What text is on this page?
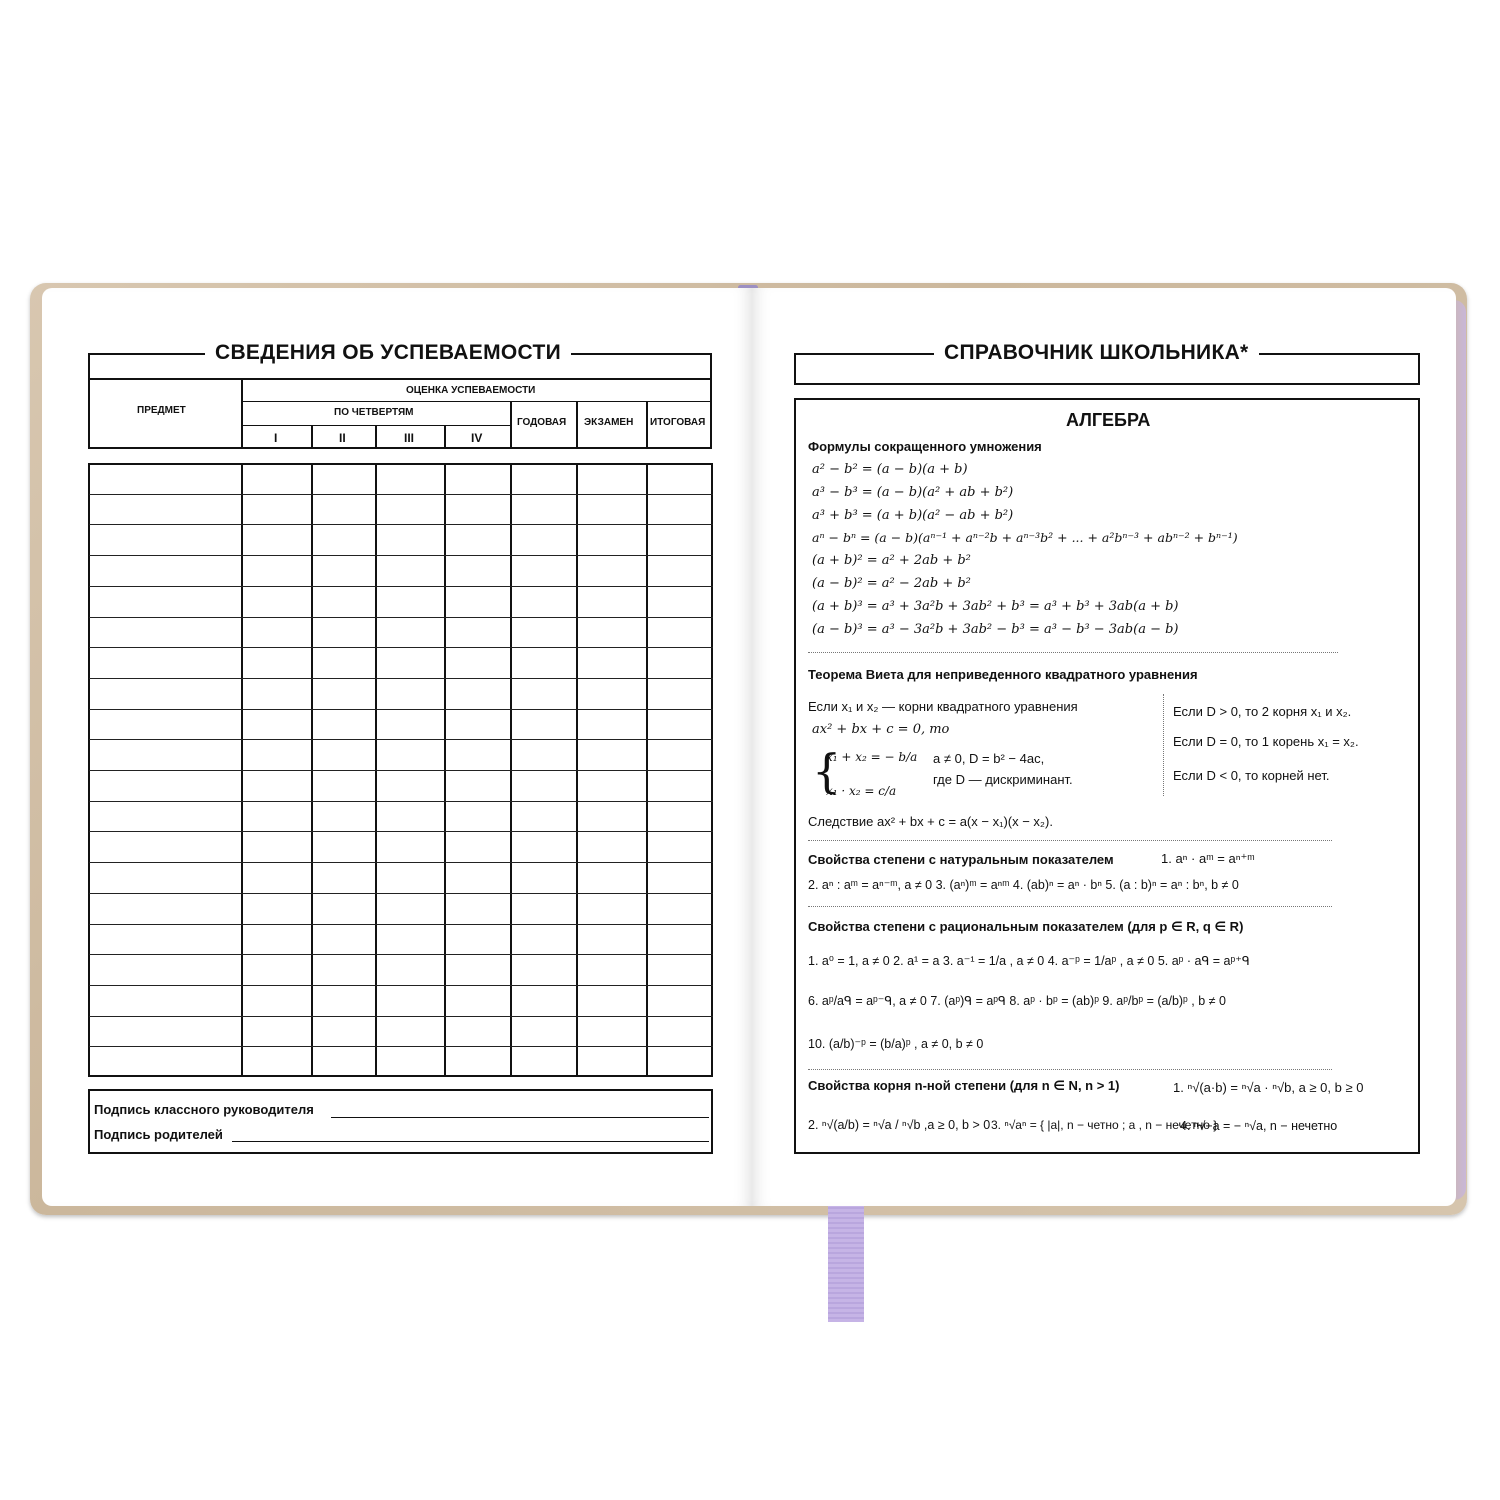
СВЕДЕНИЯ ОБ УСПЕВАЕМОСТИ
ПРЕДМЕТ
ОЦЕНКА УСПЕВАЕМОСТИ
ПО ЧЕТВЕРТЯМ
I	II	III	IV
ГОДОВАЯ ЭКЗАМЕН ИТОГОВАЯ
Подпись классного руководителя
Подпись родителей
СПРАВОЧНИК ШКОЛЬНИКА*
АЛГЕБРА
Формулы сокращенного умножения
a² − b² = (a − b)(a + b)
a³ − b³ = (a − b)(a² + ab + b²)
a³ + b³ = (a + b)(a² − ab + b²)
aⁿ − bⁿ = (a − b)(aⁿ⁻¹ + aⁿ⁻²b + aⁿ⁻³b² + ... + a²bⁿ⁻³ + abⁿ⁻² + bⁿ⁻¹)
(a + b)² = a² + 2ab + b²
(a − b)² = a² − 2ab + b²
(a + b)³ = a³ + 3a²b + 3ab² + b³ = a³ + b³ + 3ab(a + b)
(a − b)³ = a³ − 3a²b + 3ab² − b³ = a³ − b³ − 3ab(a − b)
Теорема Виета для неприведенного квадратного уравнения
Если x₁ и x₂ — корни квадратного уравнения
ax² + bx + c = 0, то
{
x₁ + x₂ = − b/a
x₁ · x₂ = c/a
a ≠ 0, D = b² − 4ac,
где D — дискриминант.
Следствие ax² + bx + c = a(x − x₁)(x − x₂).
Если D > 0, то 2 корня x₁ и x₂.
Если D = 0, то 1 корень x₁ = x₂.
Если D < 0, то корней нет.
Свойства степени с натуральным показателем	1. aⁿ · aᵐ = aⁿ⁺ᵐ
2. aⁿ : aᵐ = aⁿ⁻ᵐ, a ≠ 0 3. (aⁿ)ᵐ = aⁿᵐ 4. (ab)ⁿ = aⁿ · bⁿ 5. (a : b)ⁿ = aⁿ : bⁿ, b ≠ 0
Свойства степени с рациональным показателем (для p ∈ R, q ∈ R)
1. a⁰ = 1, a ≠ 0 2. a¹ = a 3. a⁻¹ = 1/a , a ≠ 0 4. a⁻ᵖ = 1/aᵖ , a ≠ 0 5. aᵖ · aᑫ = aᵖ⁺ᑫ
6. aᵖ/aᑫ = aᵖ⁻ᑫ, a ≠ 0 7. (aᵖ)ᑫ = aᵖᑫ 8. aᵖ · bᵖ = (ab)ᵖ 9. aᵖ/bᵖ = (a/b)ᵖ , b ≠ 0
10. (a/b)⁻ᵖ = (b/a)ᵖ , a ≠ 0, b ≠ 0
Свойства корня n-ной степени (для n ∈ N, n > 1)	1. ⁿ√(a·b) = ⁿ√a · ⁿ√b, a ≥ 0, b ≥ 0
2. ⁿ√(a/b) = ⁿ√a / ⁿ√b ,a ≥ 0, b > 0 3. ⁿ√aⁿ = { |a|, n − четно ; a , n − нечетно }
4. ⁿ√−a = − ⁿ√a, n − нечетно
